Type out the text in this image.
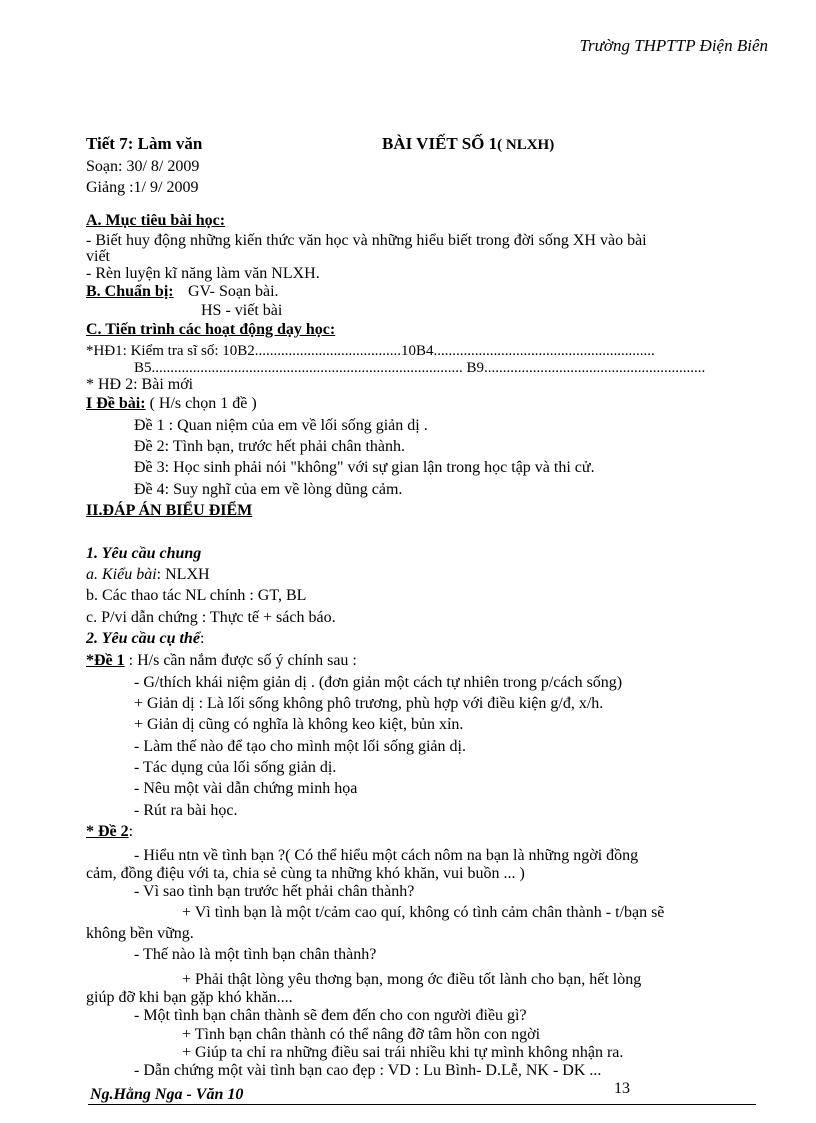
Trường THPTTP Điện Biên
Tiết 7: Làm văn	BÀI VIẾT SỐ 1( NLXH)
Soạn: 30/ 8/ 2009
Giảng :1/ 9/ 2009
A. Mục tiêu bài học:
- Biết huy động những kiến thức văn học và những hiểu biết trong đời sống XH vào bài
viết
- Rèn luyện kĩ năng làm văn NLXH.
B. Chuẩn bị: GV- Soạn bài.
HS - viết bài
C. Tiến trình các hoạt động dạy học:
*HĐ1: Kiểm tra sĩ số: 10B2.......................................10B4...........................................................
B5................................................................................... B9...........................................................
* HĐ 2: Bài mới
I Đề bài: ( H/s chọn 1 đề )
Đề 1 : Quan niệm của em về lối sống giản dị .
Đề 2: Tình bạn, trước hết phải chân thành.
Đề 3: Học sinh phải nói "không" với sự gian lận trong học tập và thi cử.
Đề 4: Suy nghĩ của em về lòng dũng cảm.
II.ĐÁP ÁN BIỂU ĐIỂM
1. Yêu cầu chung
a. Kiểu bài: NLXH
b. Các thao tác NL chính : GT, BL
c. P/vi dẫn chứng : Thực tế + sách báo.
2. Yêu cầu cụ thể:
*Đề 1 : H/s cần nắm được số ý chính sau :
- G/thích khái niệm giản dị . (đơn giản một cách tự nhiên trong p/cách sống)
+ Giản dị : Là lối sống không phô trương, phù hợp với điều kiện g/đ, x/h.
+ Giản dị cũng có nghĩa là không keo kiệt, bủn xỉn.
- Làm thế nào để tạo cho mình một lối sống giản dị.
- Tác dụng của lối sống giản dị.
- Nêu một vài dẫn chứng minh họa
- Rút ra bài học.
* Đề 2:
- Hiểu ntn về tình bạn ?( Có thể hiểu một cách nôm na bạn là những ngời đồng
cảm, đồng điệu với ta, chia sẻ cùng ta những khó khăn, vui buồn ... )
- Vì sao tình bạn trước hết phải chân thành?
+ Vì tình bạn là một t/cảm cao quí, không có tình cảm chân thành - t/bạn sẽ
không bền vững.
- Thế nào là một tình bạn chân thành?
+ Phải thật lòng yêu thơng bạn, mong ớc điều tốt lành cho bạn, hết lòng
giúp đỡ khi bạn gặp khó khăn....
- Một tình bạn chân thành sẽ đem đến cho con người điều gì?
+ Tình bạn chân thành có thể nâng đỡ tâm hồn con ngời
+ Giúp ta chỉ ra những điều sai trái nhiều khi tự mình không nhận ra.
- Dẫn chứng một vài tình bạn cao đẹp : VD : Lu Bình- D.Lễ, NK - DK ...
Ng.Hằng Nga - Văn 10	13
